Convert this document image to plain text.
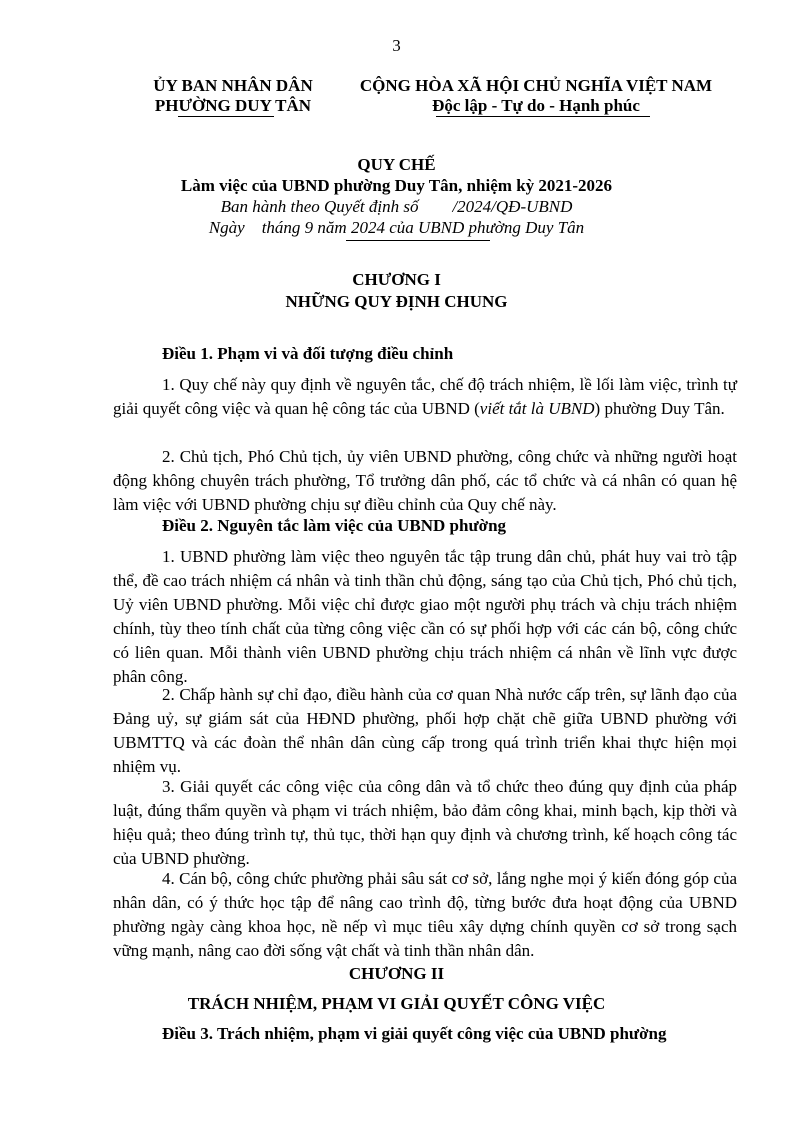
3
ỦY BAN NHÂN DÂN
PHƯỜNG DUY TÂN
CỘNG HÒA XÃ HỘI CHỦ NGHĨA VIỆT NAM
Độc lập - Tự do - Hạnh phúc
QUY CHẾ
Làm việc của UBND phường Duy Tân, nhiệm kỳ 2021-2026
Ban hành theo Quyết định số        /2024/QĐ-UBND
Ngày    tháng 9 năm 2024 của UBND phường Duy Tân
CHƯƠNG I
NHỮNG QUY ĐỊNH CHUNG
Điều 1. Phạm vi và đối tượng điều chỉnh

1. Quy chế này quy định về nguyên tắc, chế độ trách nhiệm, lề lối làm việc, trình tự giải quyết công việc và quan hệ công tác của UBND (viết tắt là UBND) phường Duy Tân.

2. Chủ tịch, Phó Chủ tịch, ủy viên UBND phường, công chức và những người hoạt động không chuyên trách phường, Tổ trưởng dân phố, các tổ chức và cá nhân có quan hệ làm việc với UBND phường chịu sự điều chỉnh của Quy chế này.

Điều 2. Nguyên tắc làm việc của UBND phường

1. UBND phường làm việc theo nguyên tắc tập trung dân chủ, phát huy vai trò tập thể, đề cao trách nhiệm cá nhân và tinh thần chủ động, sáng tạo của Chủ tịch, Phó chủ tịch, Uỷ viên UBND phường. Mỗi việc chỉ được giao một người phụ trách và chịu trách nhiệm chính, tùy theo tính chất của từng công việc cần có sự phối hợp với các cán bộ, công chức có liên quan. Mỗi thành viên UBND phường chịu trách nhiệm cá nhân về lĩnh vực được phân công.

2. Chấp hành sự chỉ đạo, điều hành của cơ quan Nhà nước cấp trên, sự lãnh đạo của Đảng uỷ, sự giám sát của HĐND phường, phối hợp chặt chẽ giữa UBND phường với UBMTTQ và các đoàn thể nhân dân cùng cấp trong quá trình triển khai thực hiện mọi nhiệm vụ.

3. Giải quyết các công việc của công dân và tổ chức theo đúng quy định của pháp luật, đúng thẩm quyền và phạm vi trách nhiệm, bảo đảm công khai, minh bạch, kịp thời và hiệu quả; theo đúng trình tự, thủ tục, thời hạn quy định và chương trình, kế hoạch công tác của UBND phường.

4. Cán bộ, công chức phường phải sâu sát cơ sở, lắng nghe mọi ý kiến đóng góp của nhân dân, có ý thức học tập để nâng cao trình độ, từng bước đưa hoạt động của UBND phường ngày càng khoa học, nề nếp vì mục tiêu xây dựng chính quyền cơ sở trong sạch vững mạnh, nâng cao đời sống vật chất và tinh thần nhân dân.

CHƯƠNG II
TRÁCH NHIỆM, PHẠM VI GIẢI QUYẾT CÔNG VIỆC
Điều 3. Trách nhiệm, phạm vi giải quyết công việc của UBND phường
